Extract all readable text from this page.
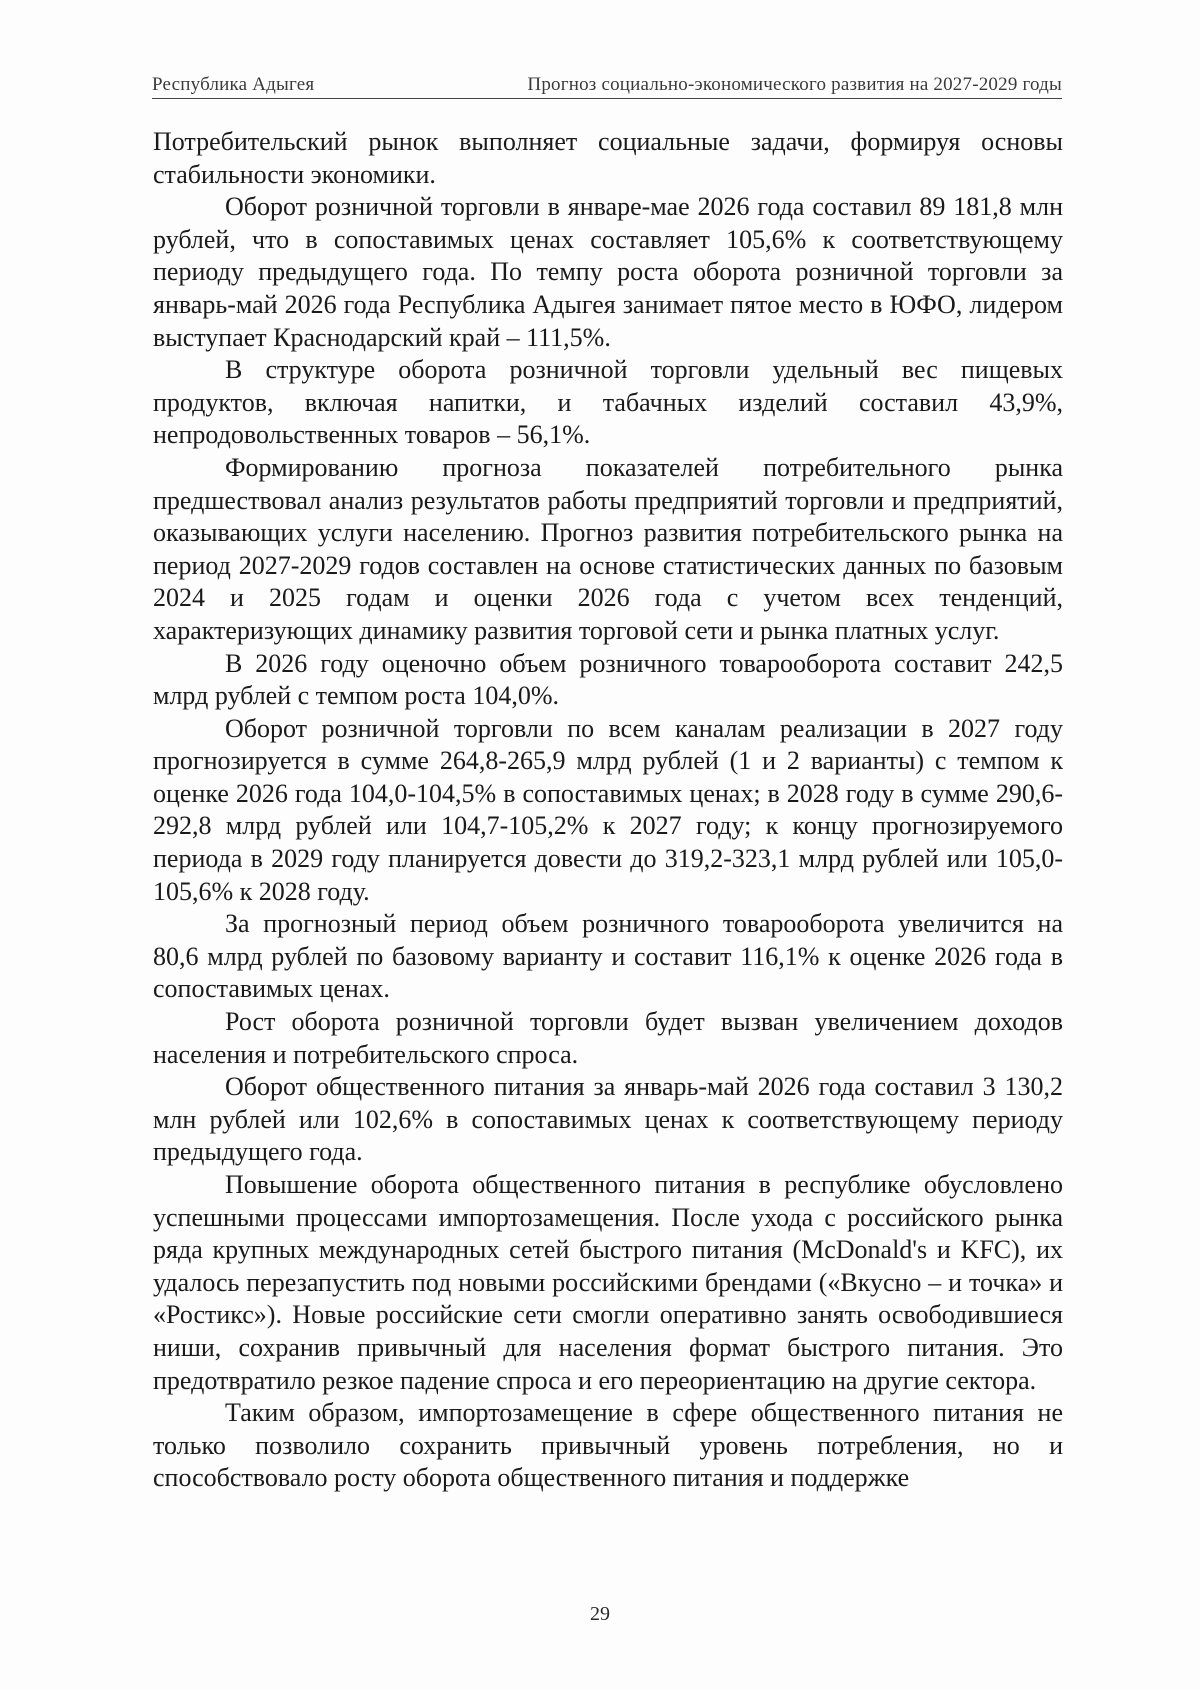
Республика Адыгея	Прогноз социально-экономического развития на 2027-2029 годы

Потребительский рынок выполняет социальные задачи, формируя основы стабильности экономики.

Оборот розничной торговли в январе-мае 2026 года составил 89 181,8 млн рублей, что в сопоставимых ценах составляет 105,6% к соответствующему периоду предыдущего года. По темпу роста оборота розничной торговли за январь-май 2026 года Республика Адыгея занимает пятое место в ЮФО, лидером выступает Краснодарский край – 111,5%.

В структуре оборота розничной торговли удельный вес пищевых продуктов, включая напитки, и табачных изделий составил 43,9%, непродовольственных товаров – 56,1%.

Формированию прогноза показателей потребительного рынка предшествовал анализ результатов работы предприятий торговли и предприятий, оказывающих услуги населению. Прогноз развития потребительского рынка на период 2027-2029 годов составлен на основе статистических данных по базовым 2024 и 2025 годам и оценки 2026 года с учетом всех тенденций, характеризующих динамику развития торговой сети и рынка платных услуг.

В 2026 году оценочно объем розничного товарооборота составит 242,5 млрд рублей с темпом роста 104,0%.

Оборот розничной торговли по всем каналам реализации в 2027 году прогнозируется в сумме 264,8-265,9 млрд рублей (1 и 2 варианты) с темпом к оценке 2026 года 104,0-104,5% в сопоставимых ценах; в 2028 году в сумме 290,6-292,8 млрд рублей или 104,7-105,2% к 2027 году; к концу прогнозируемого периода в 2029 году планируется довести до 319,2-323,1 млрд рублей или 105,0-105,6% к 2028 году.

За прогнозный период объем розничного товарооборота увеличится на 80,6 млрд рублей по базовому варианту и составит 116,1% к оценке 2026 года в сопоставимых ценах.

Рост оборота розничной торговли будет вызван увеличением доходов населения и потребительского спроса.

Оборот общественного питания за январь-май 2026 года составил 3 130,2 млн рублей или 102,6% в сопоставимых ценах к соответствующему периоду предыдущего года.

Повышение оборота общественного питания в республике обусловлено успешными процессами импортозамещения. После ухода с российского рынка ряда крупных международных сетей быстрого питания (McDonald's и KFC), их удалось перезапустить под новыми российскими брендами («Вкусно – и точка» и «Ростикс»). Новые российские сети смогли оперативно занять освободившиеся ниши, сохранив привычный для населения формат быстрого питания. Это предотвратило резкое падение спроса и его переориентацию на другие сектора.

Таким образом, импортозамещение в сфере общественного питания не только позволило сохранить привычный уровень потребления, но и способствовало росту оборота общественного питания и поддержке

29
